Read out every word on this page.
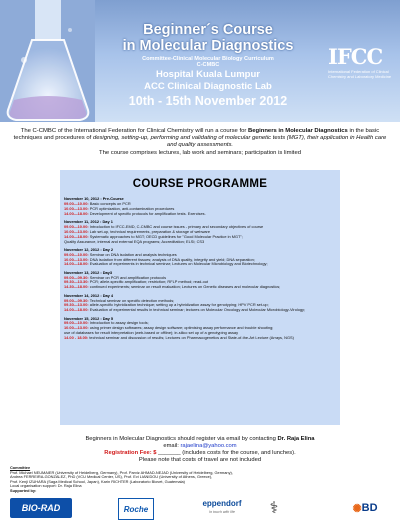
Beginner´s Course
in Molecular Diagnostics
Committee-Clinical Molecular Biology Curriculum
C-CMBC
Hospital Kuala Lumpur
ACC Clinical Diagnostic Lab
10th - 15th November 2012
IFCC
International Federation of Clinical Chemistry and Laboratory Medicine
The C-CMBC of the International Federation for Clinical Chemistry will run a course for Beginners in Molecular Diagnostics in the basic techniques and procedures of designing, setting-up, performing and validating of molecular genetic tests (MGT), their application in Health care and quality assessments.
The course comprises lectures, lab work and seminars; participation is limited
COURSE PROGRAMME
November 10, 2012 : Pre-Course
09.00—10.00: Basic concepts on PCR
10.00—13.00: PCR optimization, anti-contamination procedures
14.00—18.00: Development of specific protocols for amplification tests. Exercises.
November 11, 2012 : Day 1
09.00—10.00: Introduction to IFCC-EMD, C-CMBC and course issues - primary and secondary objectives of course
10.00—13.00: Lab set-up, technical requirements, preparation & storage of webware
14.00—18.00: Systematic approaches to MGT; OECD guidelines for "Good Molecular Practice in MGT";
Quality Assurance, internal and external EQA programs; Accreditation; ELSI; CS3
November 12, 2012 : Day 2
09.00—10.00: Seminar on DNA isolation and analysis techniques
10.00—13.00: DNA isolation from different tissues; analysis of DNA quality, integrity and yield; DNA separation;
14.00—18.00: Evaluation of experiments in technical seminar; Lectures on Molecular Microbiology and Biotechnology;
November 13, 2012 : Day3
09.00—09.30: Seminar on PCR and amplification protocols
09.30—13.30: PCR; allele-specific amplification; restriction; RFLP method; read-out
14.30—18.00: continued experiments; seminar on result evaluation; Lectures on Genetic diseases and molecular diagnostics;
November 14, 2012 : Day 4
09.00—09.30: Technical seminar on specific detection methods;
09.30—13.00: allele-specific hybridization technique; setting up a hybridization assay for genotyping; HPV PCR set-up;
14.00—18.00: Evaluation of experimental results in technical seminar; lectures on Molecular Oncology and Molecular Microbiology-Virology;
November 15, 2012 : Day 5
09.00—10.00: Introduction to assay design tools;
10.00—13.00: using primer design softwares; assay design software; optimising assay performance and trouble shooting;
use of databases for result interpretation (web-based or offline); in-silico set up of a genotyping assay
14.00 - 18.00: technical seminar and discussion of results; Lectures on Pharmacogenetics and State-of-the-Art Lecture (Arrays, NGS)
Beginners in Molecular Diagnostics should register via email by contacting Dr. Raja Elina
email: rajaelina@yahoo.com
Registration Fee: $ _______ (includes costs for the course, and lunches).
Please note that costs of travel are not included
Committee
Prof. Michael NEUMAIER (University of Heidelberg, Germany), Prof. Parviz AHMAD-NEJAD (University of Heidelberg, Germany),
Andrea FERREIRA-GONZALEZ, PhD (VCU Medical Center, US), Prof. Evi LIANIDOU (University of Athens, Greece),
Prof. Kenji IZUHARA (Saga Medical School, Japan), Karin RICHTER (Laboratorio Biovet, Guatemala)
Local organisation support: Dr. Raja Elina
Supported by:
BIO-RAD	Roche
eppendorf
In touch with life ⚕	✺ BD
